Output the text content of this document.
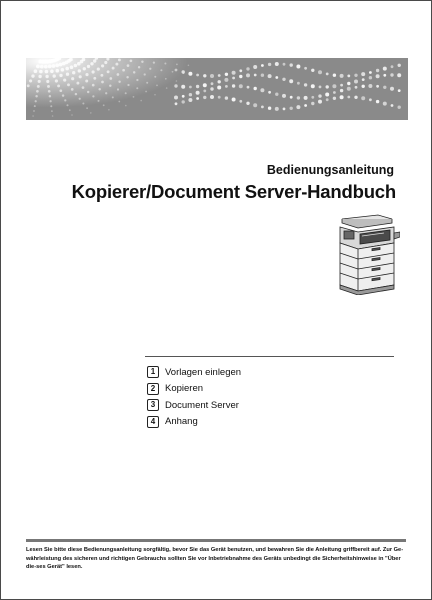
Bedienungsanleitung
Kopierer/Document Server-Handbuch
1	Vorlagen einlegen
2	Kopieren
3	Document Server
4	Anhang
Lesen Sie bitte diese Bedienungsanleitung sorgfältig, bevor Sie das Gerät benutzen, und bewahren Sie die Anleitung griffbereit auf. Zur Ge-währleistung des sicheren und richtigen Gebrauchs sollten Sie vor Inbetriebnahme des Geräts unbedingt die Sicherheitshinweise in "Über die-ses Gerät" lesen.
